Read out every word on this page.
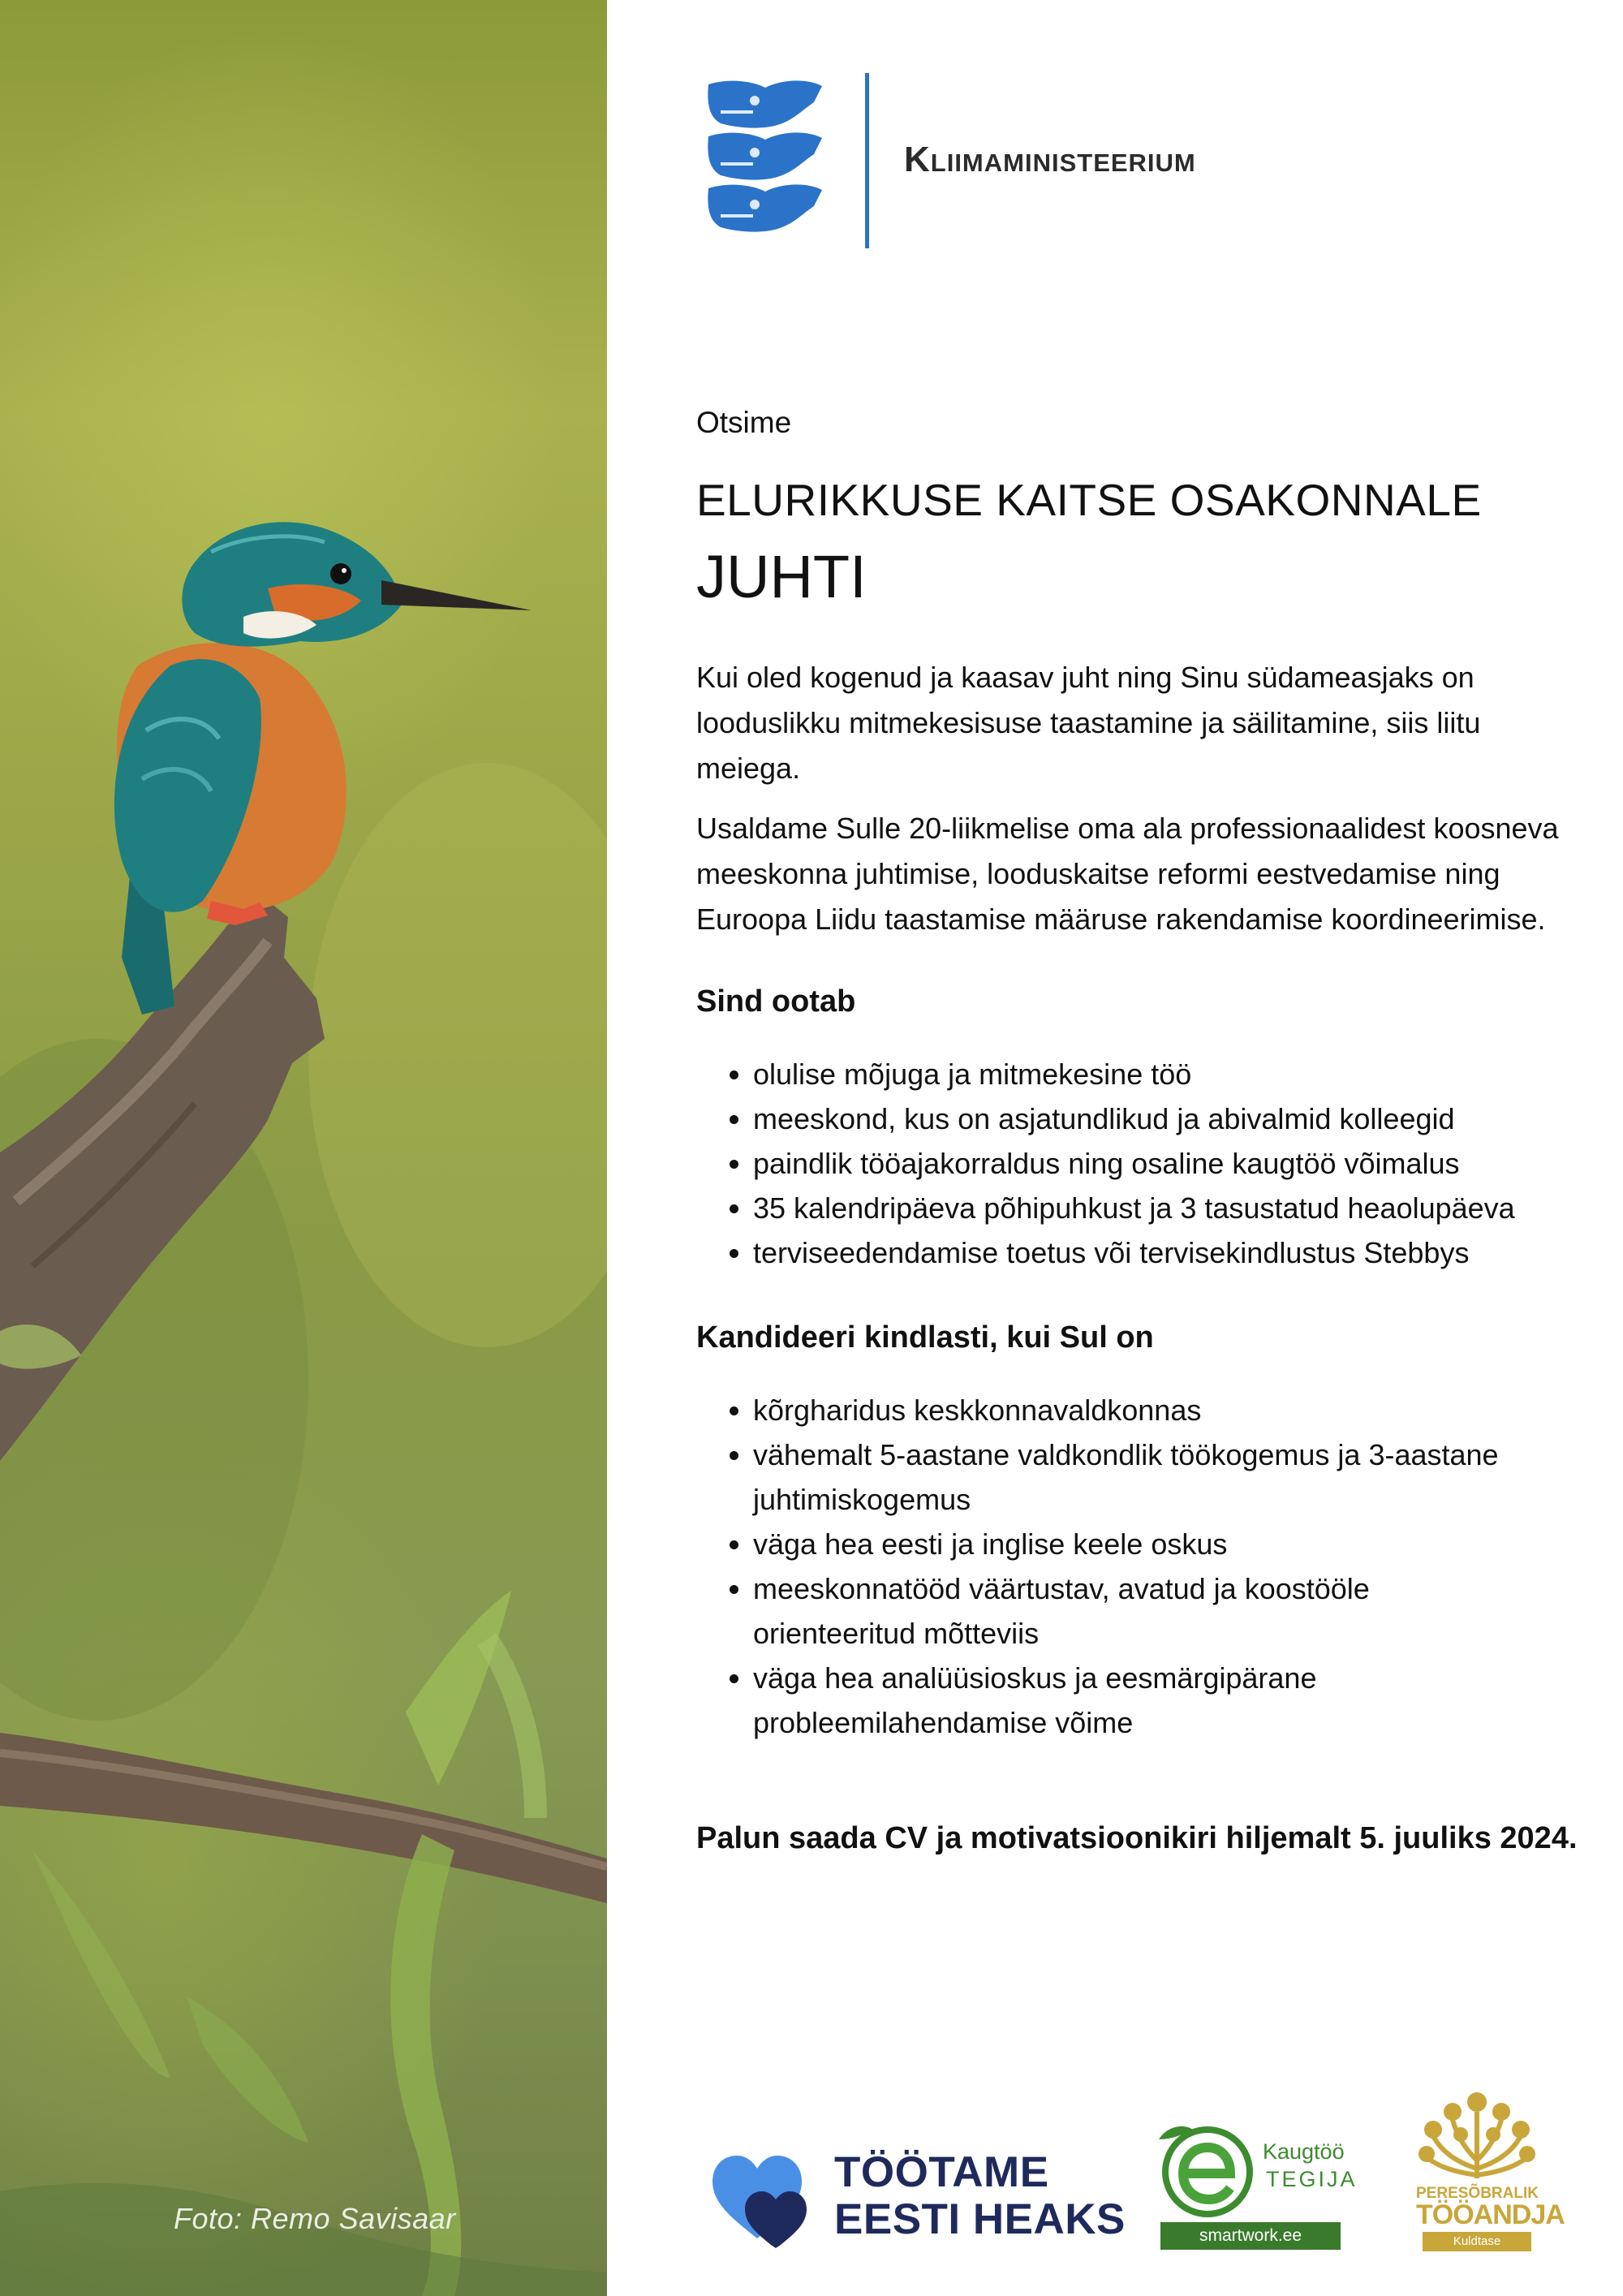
Foto: Remo Savisaar
Kliimaministeerium
Otsime
ELURIKKUSE KAITSE OSAKONNALE
JUHTI

Kui oled kogenud ja kaasav juht ning Sinu südameasjaks on looduslikku mitmekesisuse taastamine ja säilitamine, siis liitu meiega.

Usaldame Sulle 20-liikmelise oma ala professionaalidest koosneva meeskonna juhtimise, looduskaitse reformi eestvedamise ning Euroopa Liidu taastamise määruse rakendamise koordineerimise.

Sind ootab
• olulise mõjuga ja mitmekesine töö
• meeskond, kus on asjatundlikud ja abivalmid kolleegid
• paindlik tööajakorraldus ning osaline kaugtöö võimalus
• 35 kalendripäeva põhipuhkust ja 3 tasustatud heaolupäeva
• terviseedendamise toetus või tervisekindlustus Stebbys
Kandideeri kindlasti, kui Sul on
• kõrgharidus keskkonnavaldkonnas
• vähemalt 5-aastane valdkondlik töökogemus ja 3-aastane juhtimiskogemus
• väga hea eesti ja inglise keele oskus
• meeskonnatööd väärtustav, avatud ja koostööle orienteeritud mõtteviis
• väga hea analüüsioskus ja eesmärgipärane probleemilahendamise võime
Palun saada CV ja motivatsioonikiri hiljemalt 5. juuliks 2024.
TÖÖTAME
EESTI HEAKS
Kaugtöö
TEGIJA
smartwork.ee
PERESÕBRALIK
TÖÖANDJA
Kuldtase
